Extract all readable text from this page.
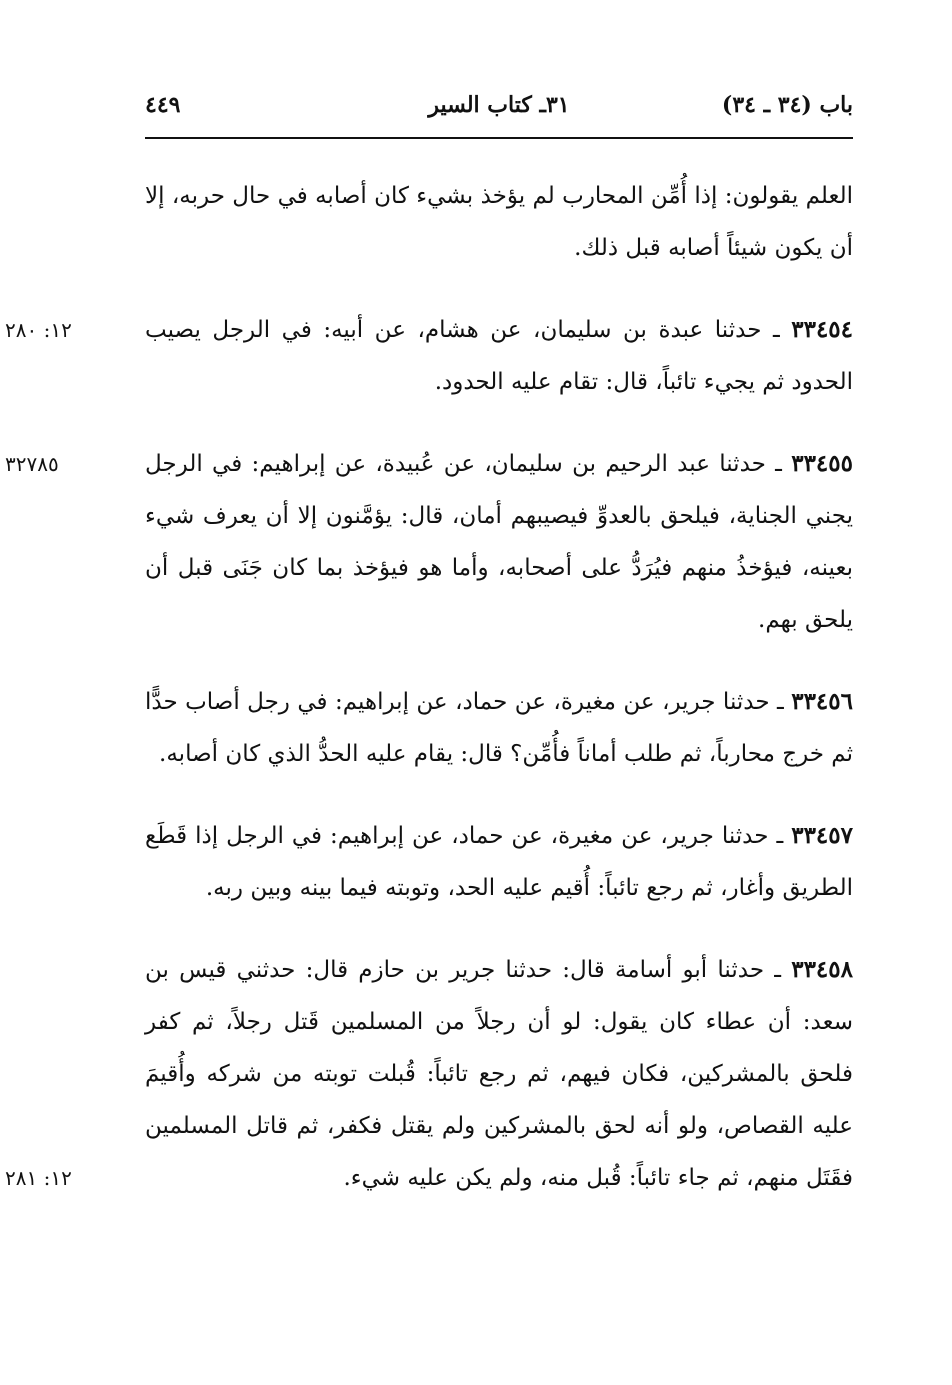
باب (٣٤ ـ ٣٤)
٣١ـ كتاب السير
٤٤٩

العلم يقولون: إذا أُمِّن المحارب لم يؤخذ بشيء كان أصابه في حال حربه، إلا أن يكون شيئاً أصابه قبل ذلك.

١٢: ٢٨٠	٣٣٤٥٤ ـ حدثنا عبدة بن سليمان، عن هشام، عن أبيه: في الرجل يصيب الحدود ثم يجيء تائباً، قال: تقام عليه الحدود.

٣٢٧٨٥	٣٣٤٥٥ ـ حدثنا عبد الرحيم بن سليمان، عن عُبيدة، عن إبراهيم: في الرجل يجني الجناية، فيلحق بالعدوِّ فيصيبهم أمان، قال: يؤمَّنون إلا أن يعرف شيء بعينه، فيؤخذُ منهم فيُرَدُّ على أصحابه، وأما هو فيؤخذ بما كان جَنَى قبل أن يلحق بهم.

٣٣٤٥٦ ـ حدثنا جرير، عن مغيرة، عن حماد، عن إبراهيم: في رجل أصاب حدًّا ثم خرج محارباً، ثم طلب أماناً فأُمِّن؟ قال: يقام عليه الحدُّ الذي كان أصابه.

٣٣٤٥٧ ـ حدثنا جرير، عن مغيرة، عن حماد، عن إبراهيم: في الرجل إذا قَطَع الطريق وأغار، ثم رجع تائباً: أُقيم عليه الحد، وتوبته فيما بينه وبين ربه.

١٢: ٢٨١
٣٣٤٥٨ ـ حدثنا أبو أسامة قال: حدثنا جرير بن حازم قال: حدثني قيس بن سعد: أن عطاء كان يقول: لو أن رجلاً من المسلمين قَتل رجلاً، ثم كفر فلحق بالمشركين، فكان فيهم، ثم رجع تائباً: قُبلت توبته من شركه وأُقيمَ عليه القصاص، ولو أنه لحق بالمشركين ولم يقتل فكفر، ثم قاتل المسلمين فقَتَل منهم، ثم جاء تائباً: قُبل منه، ولم يكن عليه شيء.
